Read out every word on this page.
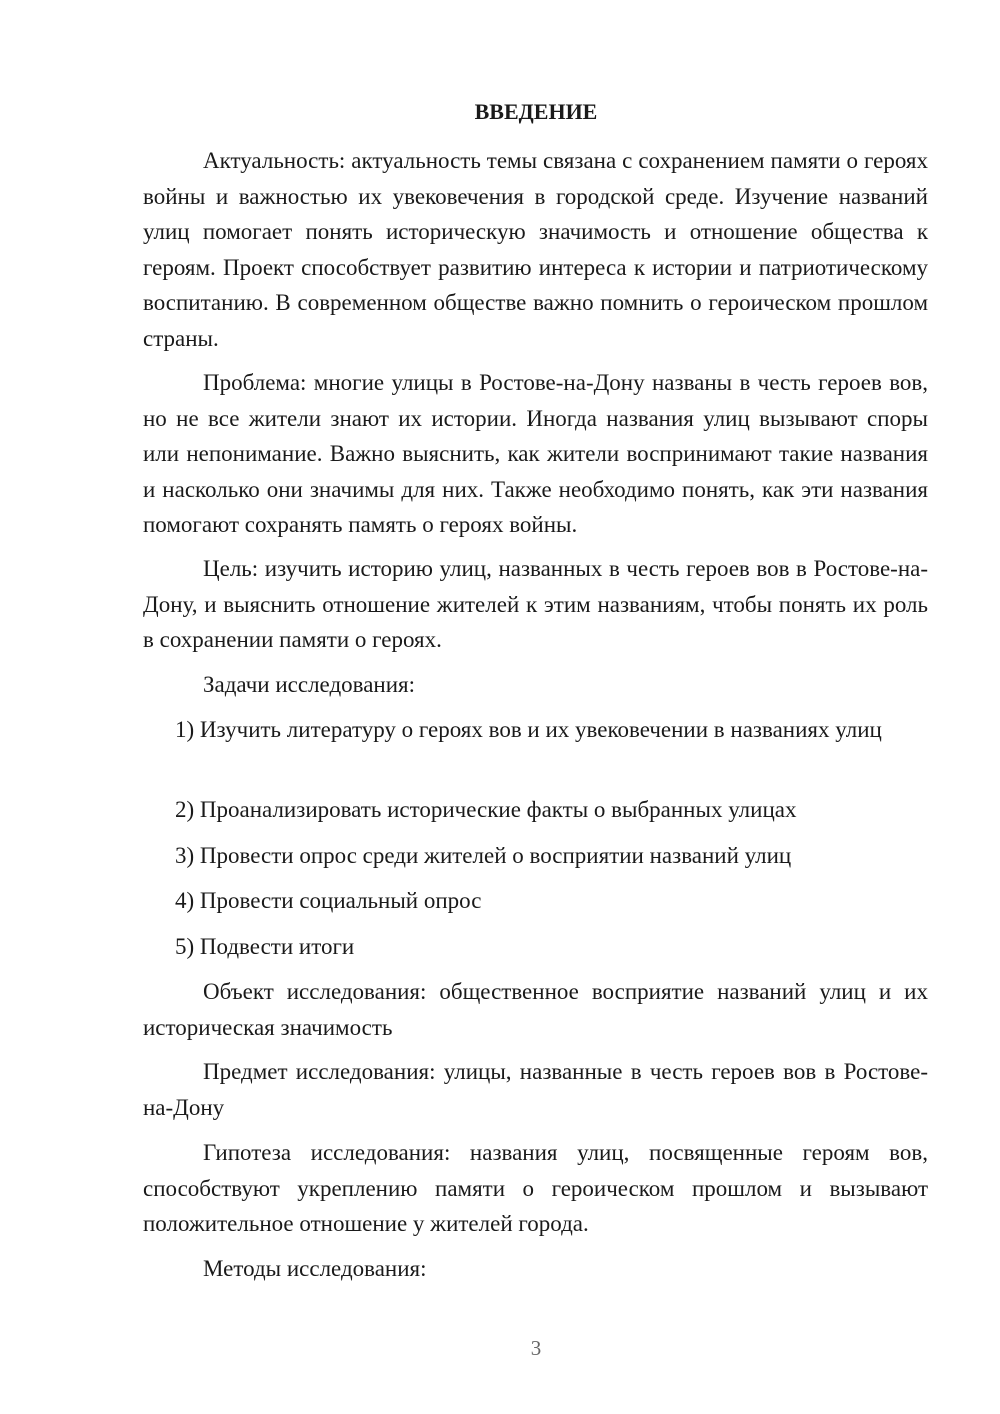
ВВЕДЕНИЕ
Актуальность: актуальность темы связана с сохранением памяти о героях войны и важностью их увековечения в городской среде. Изучение названий улиц помогает понять историческую значимость и отношение общества к героям. Проект способствует развитию интереса к истории и патриотическому воспитанию. В современном обществе важно помнить о героическом прошлом страны.
Проблема: многие улицы в Ростове-на-Дону названы в честь героев вов, но не все жители знают их истории. Иногда названия улиц вызывают споры или непонимание. Важно выяснить, как жители воспринимают такие названия и насколько они значимы для них. Также необходимо понять, как эти названия помогают сохранять память о героях войны.
Цель: изучить историю улиц, названных в честь героев вов в Ростове-на-Дону, и выяснить отношение жителей к этим названиям, чтобы понять их роль в сохранении памяти о героях.
Задачи исследования:
1) Изучить литературу о героях вов и их увековечении в названиях улиц
2) Проанализировать исторические факты о выбранных улицах
3) Провести опрос среди жителей о восприятии названий улиц
4) Провести социальный опрос
5) Подвести итоги
Объект исследования: общественное восприятие названий улиц и их историческая значимость
Предмет исследования: улицы, названные в честь героев вов в Ростове-на-Дону
Гипотеза исследования: названия улиц, посвященные героям вов, способствуют укреплению памяти о героическом прошлом и вызывают положительное отношение у жителей города.
Методы исследования:
3
